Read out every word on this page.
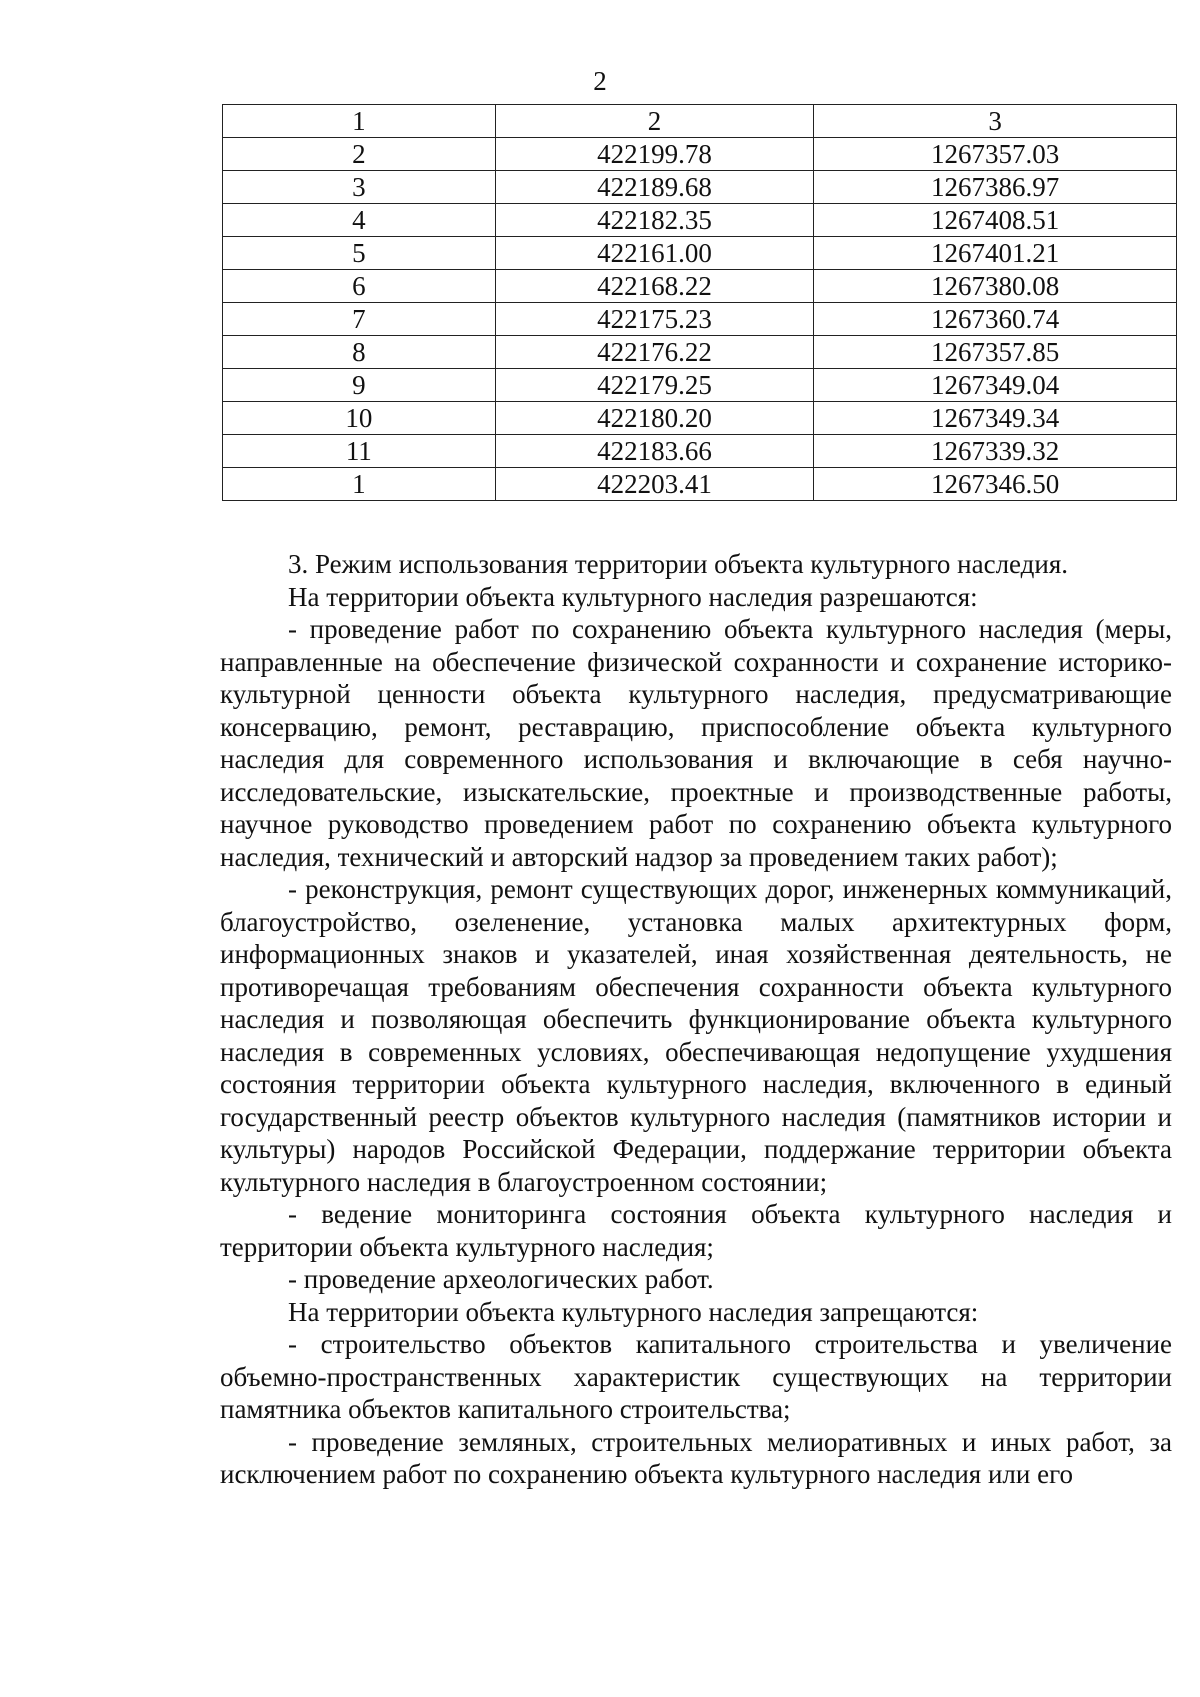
2
1	2	3
2	422199.78	1267357.03
3	422189.68	1267386.97
4	422182.35	1267408.51
5	422161.00	1267401.21
6	422168.22	1267380.08
7	422175.23	1267360.74
8	422176.22	1267357.85
9	422179.25	1267349.04
10	422180.20	1267349.34
11	422183.66	1267339.32
1	422203.41	1267346.50

3. Режим использования территории объекта культурного наследия.

На территории объекта культурного наследия разрешаются:

- проведение работ по сохранению объекта культурного наследия (меры, направленные на обеспечение физической сохранности и сохранение историко-культурной ценности объекта культурного наследия, предусматривающие консервацию, ремонт, реставрацию, приспособление объекта культурного наследия для современного использования и включающие в себя научно-исследовательские, изыскательские, проектные и производственные работы, научное руководство проведением работ по сохранению объекта культурного наследия, технический и авторский надзор за проведением таких работ);

- реконструкция, ремонт существующих дорог, инженерных коммуникаций, благоустройство, озеленение, установка малых архитектурных форм, информационных знаков и указателей, иная хозяйственная деятельность, не противоречащая требованиям обеспечения сохранности объекта культурного наследия и позволяющая обеспечить функционирование объекта культурного наследия в современных условиях, обеспечивающая недопущение ухудшения состояния территории объекта культурного наследия, включенного в единый государственный реестр объектов культурного наследия (памятников истории и культуры) народов Российской Федерации, поддержание территории объекта культурного наследия в благоустроенном состоянии;

- ведение мониторинга состояния объекта культурного наследия и территории объекта культурного наследия;

- проведение археологических работ.

На территории объекта культурного наследия запрещаются:

- строительство объектов капитального строительства и увеличение объемно-пространственных характеристик существующих на территории памятника объектов капитального строительства;

- проведение земляных, строительных мелиоративных и иных работ, за исключением работ по сохранению объекта культурного наследия или его
